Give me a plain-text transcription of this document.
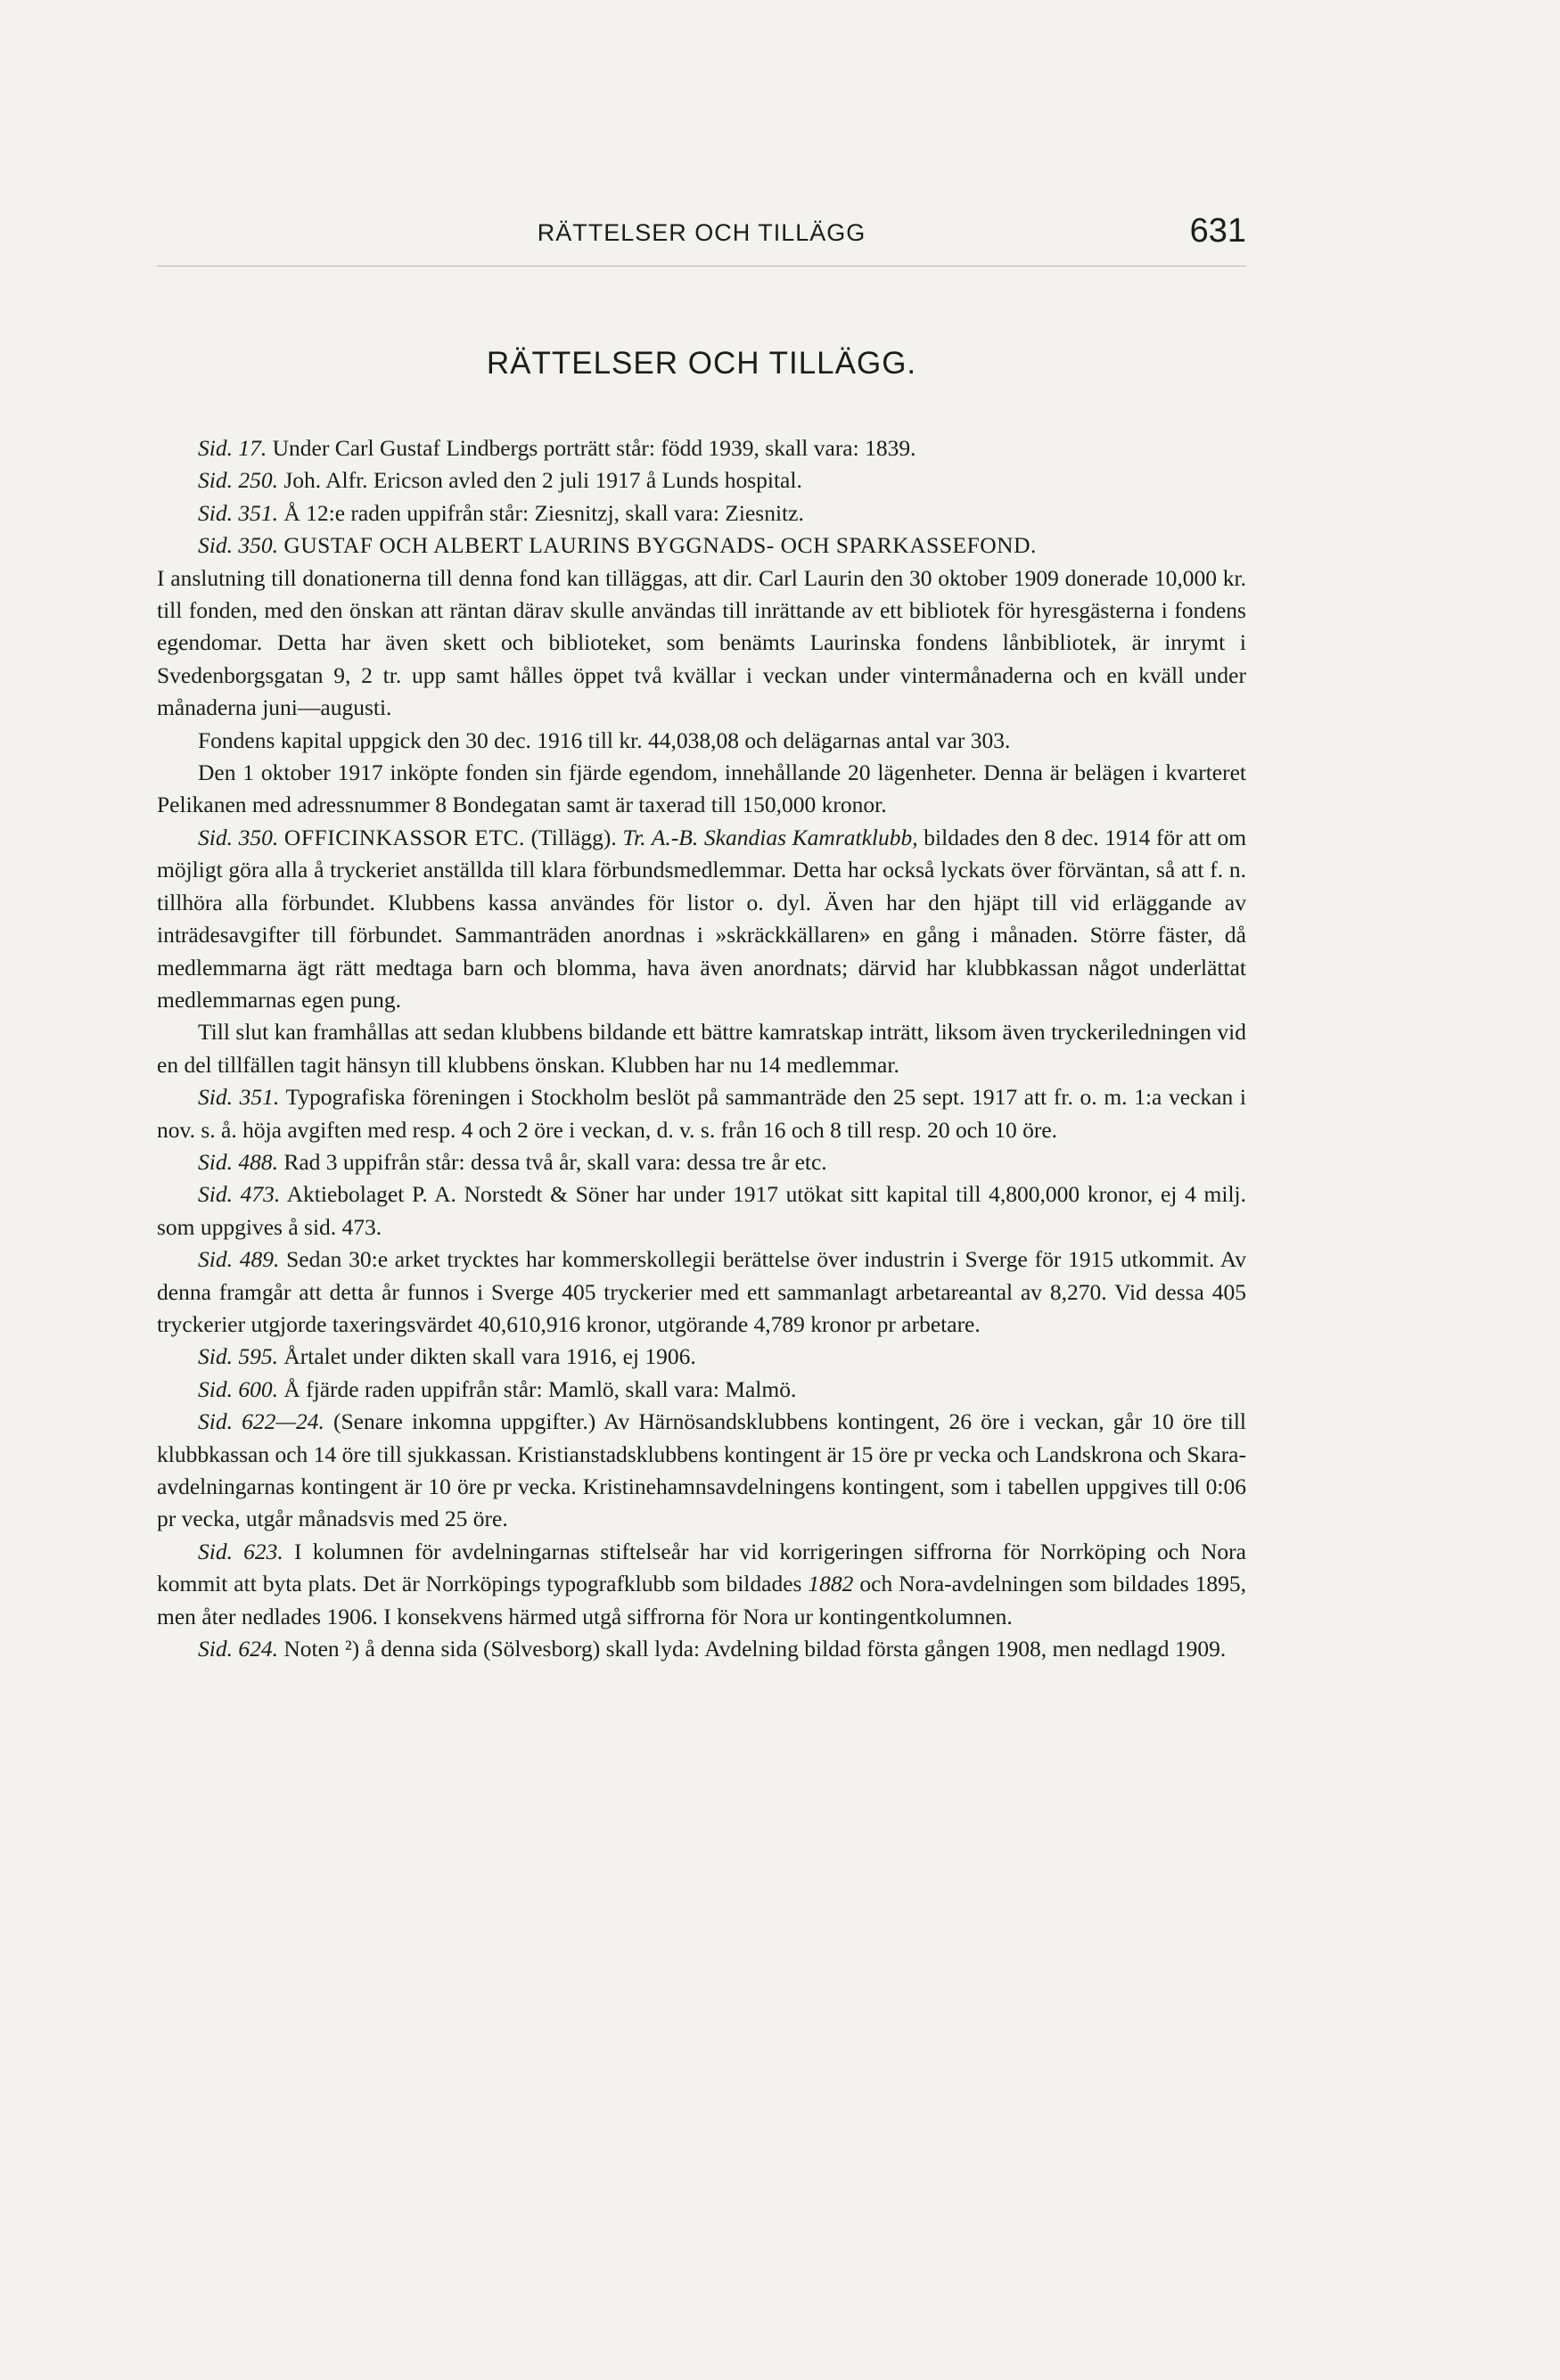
RÄTTELSER OCH TILLÄGG	631
RÄTTELSER OCH TILLÄGG.

Sid. 17. Under Carl Gustaf Lindbergs porträtt står: född 1939, skall vara: 1839.

Sid. 250. Joh. Alfr. Ericson avled den 2 juli 1917 å Lunds hospital.

Sid. 351. Å 12:e raden uppifrån står: Ziesnitzj, skall vara: Ziesnitz.

Sid. 350. GUSTAF OCH ALBERT LAURINS BYGGNADS- OCH SPARKASSEFOND.

I anslutning till donationerna till denna fond kan tilläggas, att dir. Carl Laurin den 30 oktober 1909 donerade 10,000 kr. till fonden, med den önskan att räntan därav skulle användas till inrättande av ett bibliotek för hyresgästerna i fondens egendomar. Detta har även skett och biblioteket, som benämts Laurinska fondens lånbibliotek, är inrymt i Svedenborgsgatan 9, 2 tr. upp samt hålles öppet två kvällar i veckan under vintermånaderna och en kväll under månaderna juni—augusti.

Fondens kapital uppgick den 30 dec. 1916 till kr. 44,038,08 och delägarnas antal var 303.

Den 1 oktober 1917 inköpte fonden sin fjärde egendom, innehållande 20 lägenheter. Denna är belägen i kvarteret Pelikanen med adressnummer 8 Bondegatan samt är taxerad till 150,000 kronor.

Sid. 350. OFFICINKASSOR ETC. (Tillägg). Tr. A.-B. Skandias Kamratklubb, bildades den 8 dec. 1914 för att om möjligt göra alla å tryckeriet anställda till klara förbundsmedlemmar. Detta har också lyckats över förväntan, så att f. n. tillhöra alla förbundet. Klubbens kassa användes för listor o. dyl. Även har den hjäpt till vid erläggande av inträdesavgifter till förbundet. Sammanträden anordnas i »skräckkällaren» en gång i månaden. Större fäster, då medlemmarna ägt rätt medtaga barn och blomma, hava även anordnats; därvid har klubbkassan något underlättat medlemmarnas egen pung.

Till slut kan framhållas att sedan klubbens bildande ett bättre kamratskap inträtt, liksom även tryckeriledningen vid en del tillfällen tagit hänsyn till klubbens önskan. Klubben har nu 14 medlemmar.

Sid. 351. Typografiska föreningen i Stockholm beslöt på sammanträde den 25 sept. 1917 att fr. o. m. 1:a veckan i nov. s. å. höja avgiften med resp. 4 och 2 öre i veckan, d. v. s. från 16 och 8 till resp. 20 och 10 öre.

Sid. 488. Rad 3 uppifrån står: dessa två år, skall vara: dessa tre år etc.

Sid. 473. Aktiebolaget P. A. Norstedt & Söner har under 1917 utökat sitt kapital till 4,800,000 kronor, ej 4 milj. som uppgives å sid. 473.

Sid. 489. Sedan 30:e arket trycktes har kommerskollegii berättelse över industrin i Sverge för 1915 utkommit. Av denna framgår att detta år funnos i Sverge 405 tryckerier med ett sammanlagt arbetareantal av 8,270. Vid dessa 405 tryckerier utgjorde taxeringsvärdet 40,610,916 kronor, utgörande 4,789 kronor pr arbetare.

Sid. 595. Årtalet under dikten skall vara 1916, ej 1906.

Sid. 600. Å fjärde raden uppifrån står: Mamlö, skall vara: Malmö.

Sid. 622—24. (Senare inkomna uppgifter.) Av Härnösandsklubbens kontingent, 26 öre i veckan, går 10 öre till klubbkassan och 14 öre till sjukkassan. Kristianstadsklubbens kontingent är 15 öre pr vecka och Landskrona och Skara-avdelningarnas kontingent är 10 öre pr vecka. Kristinehamnsavdelningens kontingent, som i tabellen uppgives till 0:06 pr vecka, utgår månadsvis med 25 öre.

Sid. 623. I kolumnen för avdelningarnas stiftelseår har vid korrigeringen siffrorna för Norrköping och Nora kommit att byta plats. Det är Norrköpings typografklubb som bildades 1882 och Nora-avdelningen som bildades 1895, men åter nedlades 1906. I konsekvens härmed utgå siffrorna för Nora ur kontingentkolumnen.

Sid. 624. Noten ²) å denna sida (Sölvesborg) skall lyda: Avdelning bildad första gången 1908, men nedlagd 1909.
